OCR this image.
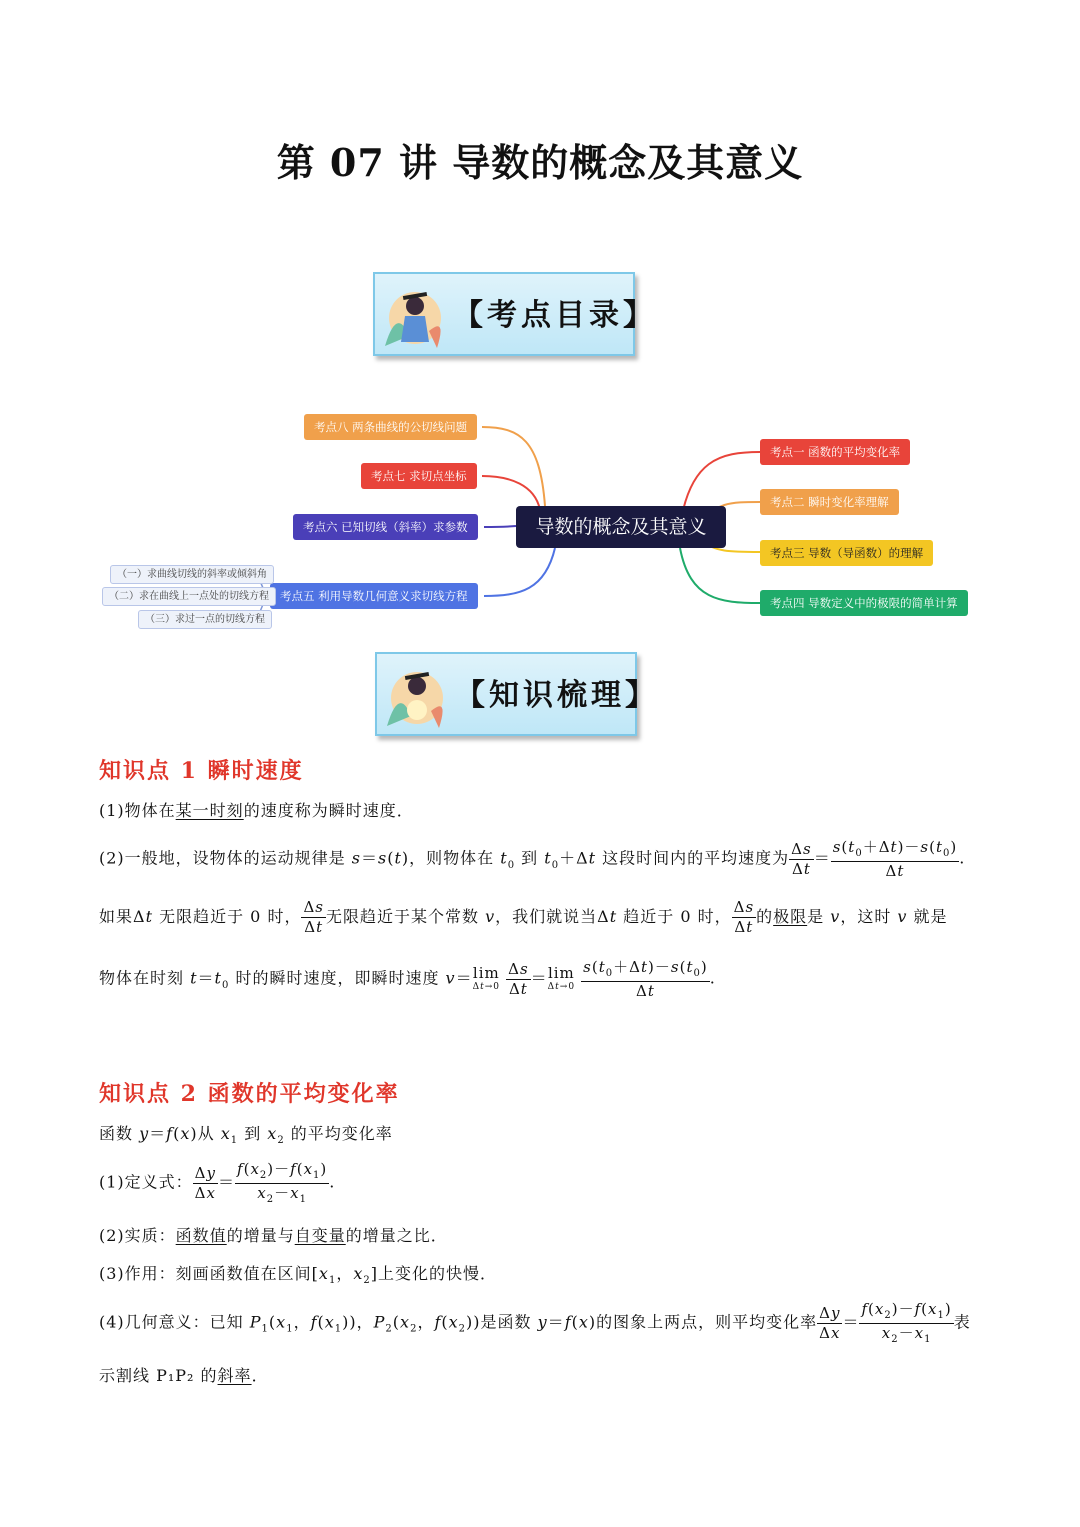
第 07 讲 导数的概念及其意义
【考点目录】
导数的概念及其意义
考点一 函数的平均变化率
考点二 瞬时变化率理解
考点三 导数（导函数）的理解
考点四 导数定义中的极限的简单计算
考点八 两条曲线的公切线问题
考点七 求切点坐标
考点六 已知切线（斜率）求参数
考点五 利用导数几何意义求切线方程
（一）求曲线切线的斜率或倾斜角
（二）求在曲线上一点处的切线方程
（三）求过一点的切线方程
【知识梳理】
知识点 1 瞬时速度
(1)物体在某一时刻的速度称为瞬时速度．
(2)一般地，设物体的运动规律是 s＝s(t)，则物体在 $t_0$ 到 $t_0+\Delta t$ 这段时间内的平均速度为 $\frac{\Delta s}{\Delta t} = \frac{s(t_0+\Delta t)-s(t_0)}{\Delta t}$ .
如果Δt 无限趋近于 0 时， $\frac{\Delta s}{\Delta t}$ 无限趋近于某个常数 v，我们就说当Δt 趋近于 0 时， $\frac{\Delta s}{\Delta t}$ 的极限是 v，这时 v 就是
物体在时刻 $t=t_0$ 时的瞬时速度，即瞬时速度 v＝lim
Δt→0
$\frac{\Delta s}{\Delta t} =\lim$
Δt→0
$\frac{s(t_0+\Delta t)-s(t_0)}{\Delta t}$ .
知识点 2 函数的平均变化率
函数 y＝f(x)从 $x_1$ 到 $x_2$ 的平均变化率
(1)定义式： $\frac{\Delta y}{\Delta x} = \frac{f(x_2)-f(x_1)}{x_2-x_1}$ .
(2)实质：函数值的增量与自变量的增量之比．
(3)作用：刻画函数值在区间[$x_1$，$x_2$]上变化的快慢．
(4)几何意义：已知 $P_1(x_1$，$f(x_1)$)，$P_2(x_2$，$f(x_2)$)是函数 y＝f(x)的图象上两点，则平均变化率 $\frac{\Delta y}{\Delta x} = \frac{f(x_2)-f(x_1)}{x_2-x_1}$ 表
示割线 P₁P₂ 的斜率．
